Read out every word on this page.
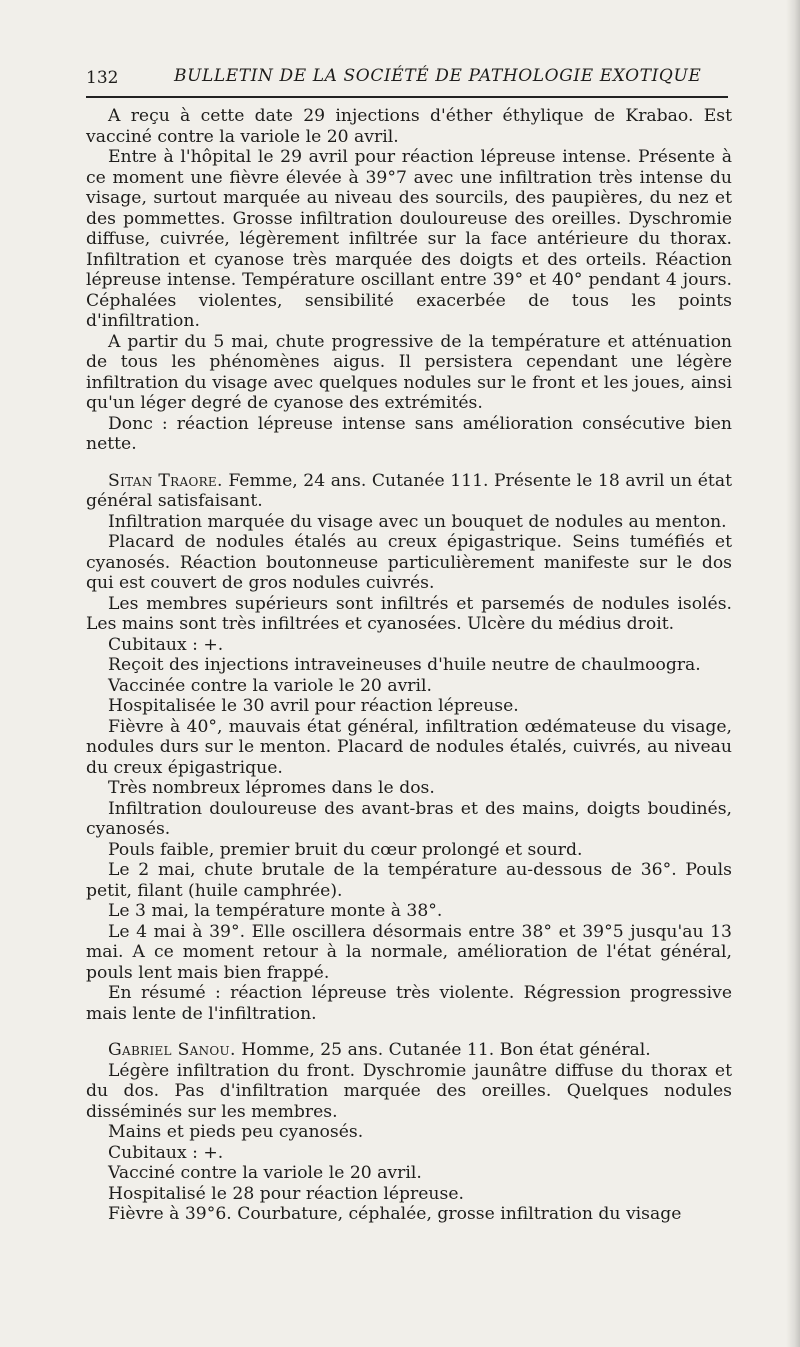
132	BULLETIN DE LA SOCIÉTÉ DE PATHOLOGIE EXOTIQUE

A reçu à cette date 29 injections d'éther éthylique de Krabao. Est vacciné contre la variole le 20 avril.

Entre à l'hôpital le 29 avril pour réaction lépreuse intense. Présente à ce moment une fièvre élevée à 39°7 avec une infiltration très intense du visage, surtout marquée au niveau des sourcils, des paupières, du nez et des pommettes. Grosse infiltration douloureuse des oreilles. Dyschromie diffuse, cuivrée, légèrement infiltrée sur la face antérieure du thorax. Infiltration et cyanose très marquée des doigts et des orteils. Réaction lépreuse intense. Température oscillant entre 39° et 40° pendant 4 jours. Céphalées violentes, sensibilité exacerbée de tous les points d'infiltration.

A partir du 5 mai, chute progressive de la température et atténuation de tous les phénomènes aigus. Il persistera cependant une légère infiltration du visage avec quelques nodules sur le front et les joues, ainsi qu'un léger degré de cyanose des extrémités.

Donc : réaction lépreuse intense sans amélioration consécutive bien nette.

Sitan Traore. Femme, 24 ans. Cutanée 111. Présente le 18 avril un état général satisfaisant.

Infiltration marquée du visage avec un bouquet de nodules au menton.

Placard de nodules étalés au creux épigastrique. Seins tuméfiés et cyanosés. Réaction boutonneuse particulièrement manifeste sur le dos qui est couvert de gros nodules cuivrés.

Les membres supérieurs sont infiltrés et parsemés de nodules isolés. Les mains sont très infiltrées et cyanosées. Ulcère du médius droit.

Cubitaux : +.

Reçoit des injections intraveineuses d'huile neutre de chaulmoogra.

Vaccinée contre la variole le 20 avril.

Hospitalisée le 30 avril pour réaction lépreuse.

Fièvre à 40°, mauvais état général, infiltration œdémateuse du visage, nodules durs sur le menton. Placard de nodules étalés, cuivrés, au niveau du creux épigastrique.

Très nombreux lépromes dans le dos.

Infiltration douloureuse des avant-bras et des mains, doigts boudinés, cyanosés.

Pouls faible, premier bruit du cœur prolongé et sourd.

Le 2 mai, chute brutale de la température au-dessous de 36°. Pouls petit, filant (huile camphrée).

Le 3 mai, la température monte à 38°.

Le 4 mai à 39°. Elle oscillera désormais entre 38° et 39°5 jusqu'au 13 mai. A ce moment retour à la normale, amélioration de l'état général, pouls lent mais bien frappé.

En résumé : réaction lépreuse très violente. Régression progressive mais lente de l'infiltration.

Gabriel Sanou. Homme, 25 ans. Cutanée 11. Bon état général.

Légère infiltration du front. Dyschromie jaunâtre diffuse du thorax et du dos. Pas d'infiltration marquée des oreilles. Quelques nodules disséminés sur les membres.

Mains et pieds peu cyanosés.

Cubitaux : +.

Vacciné contre la variole le 20 avril.

Hospitalisé le 28 pour réaction lépreuse.

Fièvre à 39°6. Courbature, céphalée, grosse infiltration du visage
